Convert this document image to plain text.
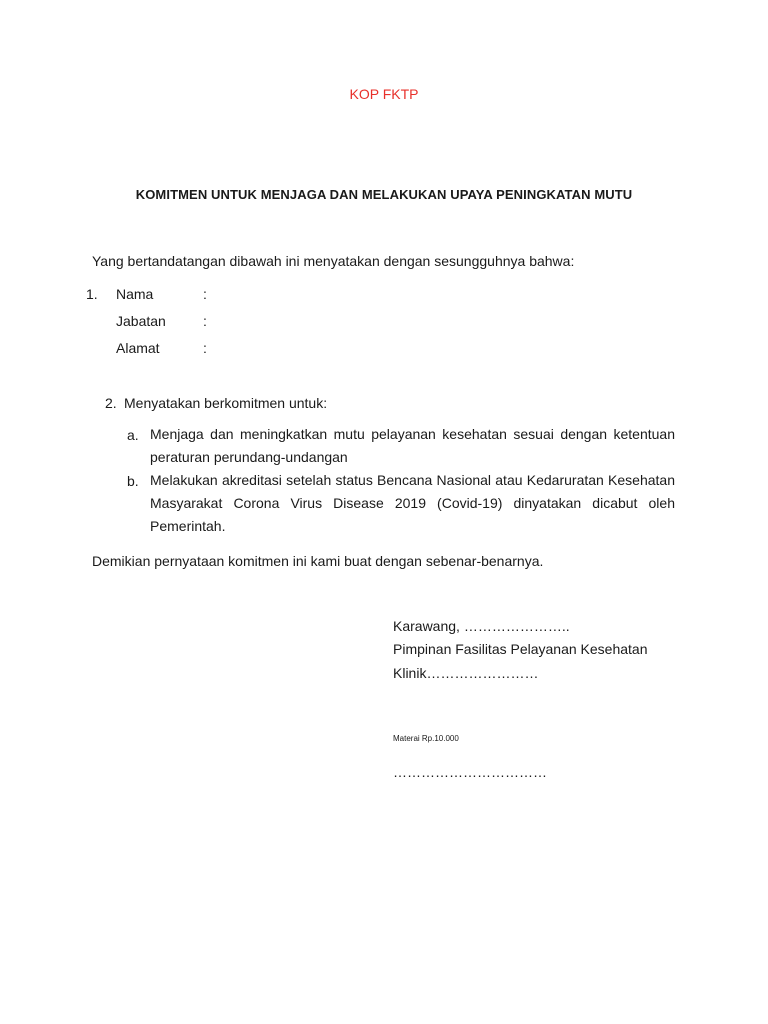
KOP FKTP
KOMITMEN UNTUK MENJAGA DAN MELAKUKAN UPAYA PENINGKATAN MUTU
Yang bertandatangan dibawah ini menyatakan dengan sesungguhnya bahwa:
1. Nama	:
Jabatan	:
Alamat	:
2. Menyatakan berkomitmen untuk:
a. Menjaga dan meningkatkan mutu pelayanan kesehatan sesuai dengan ketentuan peraturan perundang-undangan
b. Melakukan akreditasi setelah status Bencana Nasional atau Kedaruratan Kesehatan Masyarakat Corona Virus Disease 2019 (Covid-19) dinyatakan dicabut oleh Pemerintah.
Demikian pernyataan komitmen ini kami buat dengan sebenar-benarnya.
Karawang, …………………..
Pimpinan Fasilitas Pelayanan Kesehatan
Klinik……………………
Materai Rp.10.000
……………………………
